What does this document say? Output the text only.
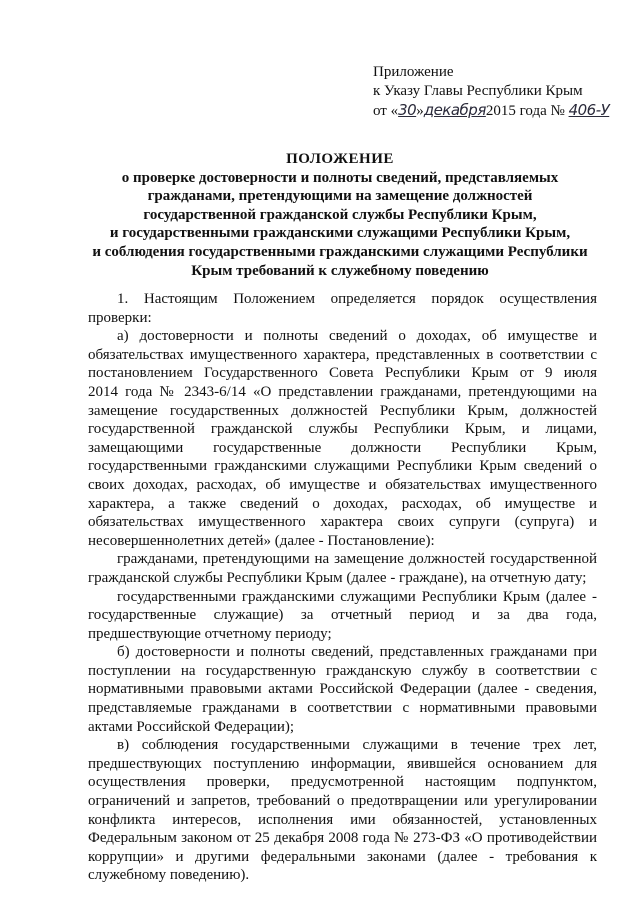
Приложение
к Указу Главы Республики Крым
от «30»декабря2015 года № 406-У
ПОЛОЖЕНИЕ
о проверке достоверности и полноты сведений, представляемых
гражданами, претендующими на замещение должностей
государственной гражданской службы Республики Крым,
и государственными гражданскими служащими Республики Крым,
и соблюдения государственными гражданскими служащими Республики
Крым требований к служебному поведению
1. Настоящим Положением определяется порядок осуществления
проверки:
а) достоверности и полноты сведений о доходах, об имуществе и
обязательствах имущественного характера, представленных в соответствии с
постановлением Государственного Совета Республики Крым от 9 июля
2014 года № 2343-6/14 «О представлении гражданами, претендующими на
замещение государственных должностей Республики Крым, должностей
государственной гражданской службы Республики Крым, и лицами,
замещающими государственные должности Республики Крым,
государственными гражданскими служащими Республики Крым сведений о
своих доходах, расходах, об имуществе и обязательствах имущественного
характера, а также сведений о доходах, расходах, об имуществе и
обязательствах имущественного характера своих супруги (супруга) и
несовершеннолетних детей» (далее - Постановление):
гражданами, претендующими на замещение должностей государственной
гражданской службы Республики Крым (далее - граждане), на отчетную дату;
государственными гражданскими служащими Республики Крым (далее -
государственные служащие) за отчетный период и за два года,
предшествующие отчетному периоду;
б) достоверности и полноты сведений, представленных гражданами при
поступлении на государственную гражданскую службу в соответствии с
нормативными правовыми актами Российской Федерации (далее - сведения,
представляемые гражданами в соответствии с нормативными правовыми
актами Российской Федерации);
в) соблюдения государственными служащими в течение трех лет,
предшествующих поступлению информации, явившейся основанием для
осуществления проверки, предусмотренной настоящим подпунктом,
ограничений и запретов, требований о предотвращении или урегулировании
конфликта интересов, исполнения ими обязанностей, установленных
Федеральным законом от 25 декабря 2008 года № 273-ФЗ «О противодействии
коррупции» и другими федеральными законами (далее - требования к
служебному поведению).
